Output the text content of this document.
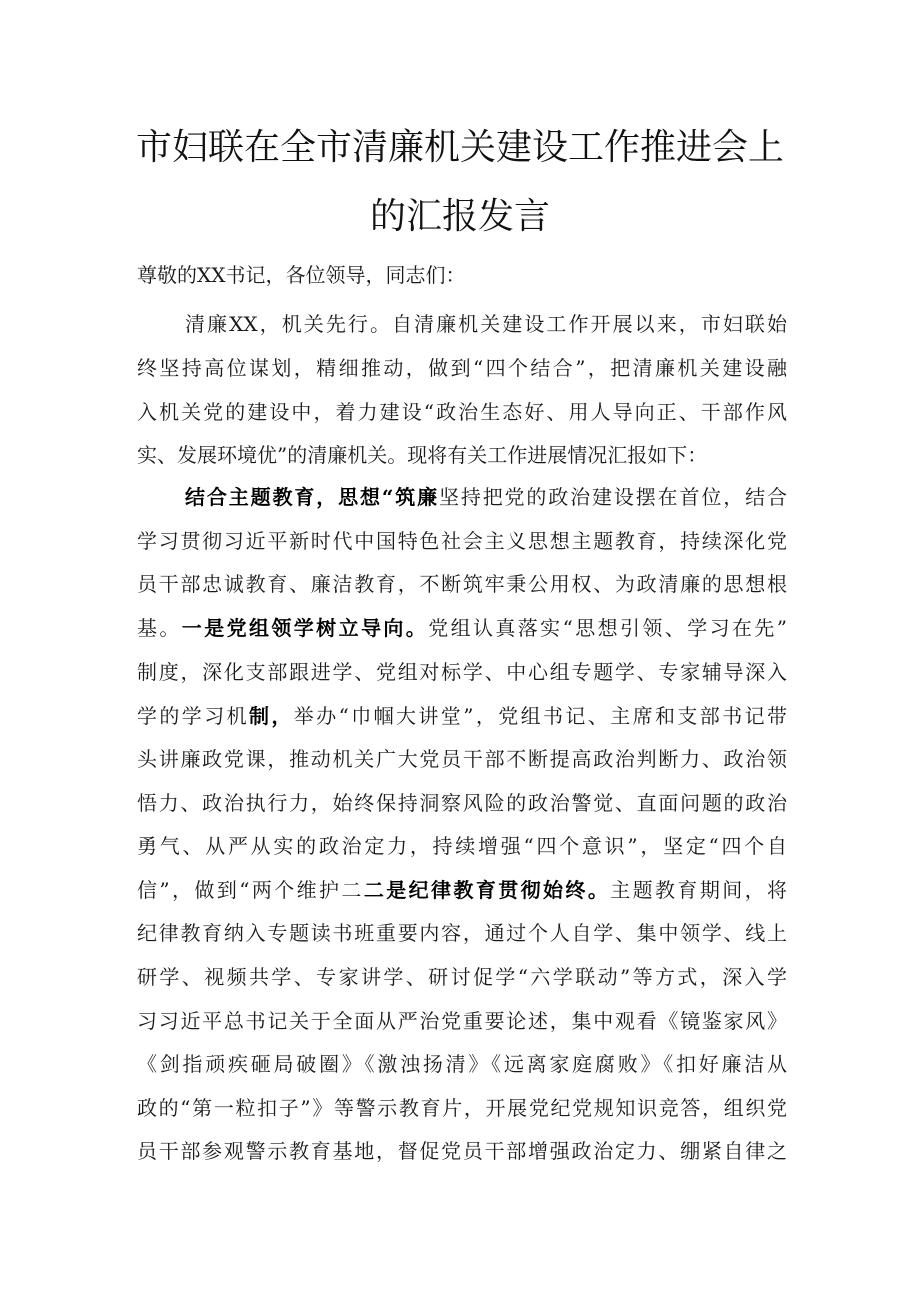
市妇联在全市清廉机关建设工作推进会上
的汇报发言
尊敬的XX书记，各位领导，同志们：
清廉XX，机关先行。自清廉机关建设工作开展以来，市妇联始
终坚持高位谋划，精细推动，做到“四个结合”，把清廉机关建设融
入机关党的建设中，着力建设“政治生态好、用人导向正、干部作风
实、发展环境优”的清廉机关。现将有关工作进展情况汇报如下：
结合主题教育，思想“筑廉坚持把党的政治建设摆在首位，结合
学习贯彻习近平新时代中国特色社会主义思想主题教育，持续深化党
员干部忠诚教育、廉洁教育，不断筑牢秉公用权、为政清廉的思想根
基。一是党组领学树立导向。党组认真落实“思想引领、学习在先”
制度，深化支部跟进学、党组对标学、中心组专题学、专家辅导深入
学的学习机制，举办“巾帼大讲堂”，党组书记、主席和支部书记带
头讲廉政党课，推动机关广大党员干部不断提高政治判断力、政治领
悟力、政治执行力，始终保持洞察风险的政治警觉、直面问题的政治
勇气、从严从实的政治定力，持续增强“四个意识”，坚定“四个自
信”，做到“两个维护二二是纪律教育贯彻始终。主题教育期间，将
纪律教育纳入专题读书班重要内容，通过个人自学、集中领学、线上
研学、视频共学、专家讲学、研讨促学“六学联动”等方式，深入学
习习近平总书记关于全面从严治党重要论述，集中观看《镜鉴家风》
《剑指顽疾砸局破圈》《激浊扬清》《远离家庭腐败》《扣好廉洁从
政的“第一粒扣子”》等警示教育片，开展党纪党规知识竞答，组织党
员干部参观警示教育基地，督促党员干部增强政治定力、绷紧自律之
